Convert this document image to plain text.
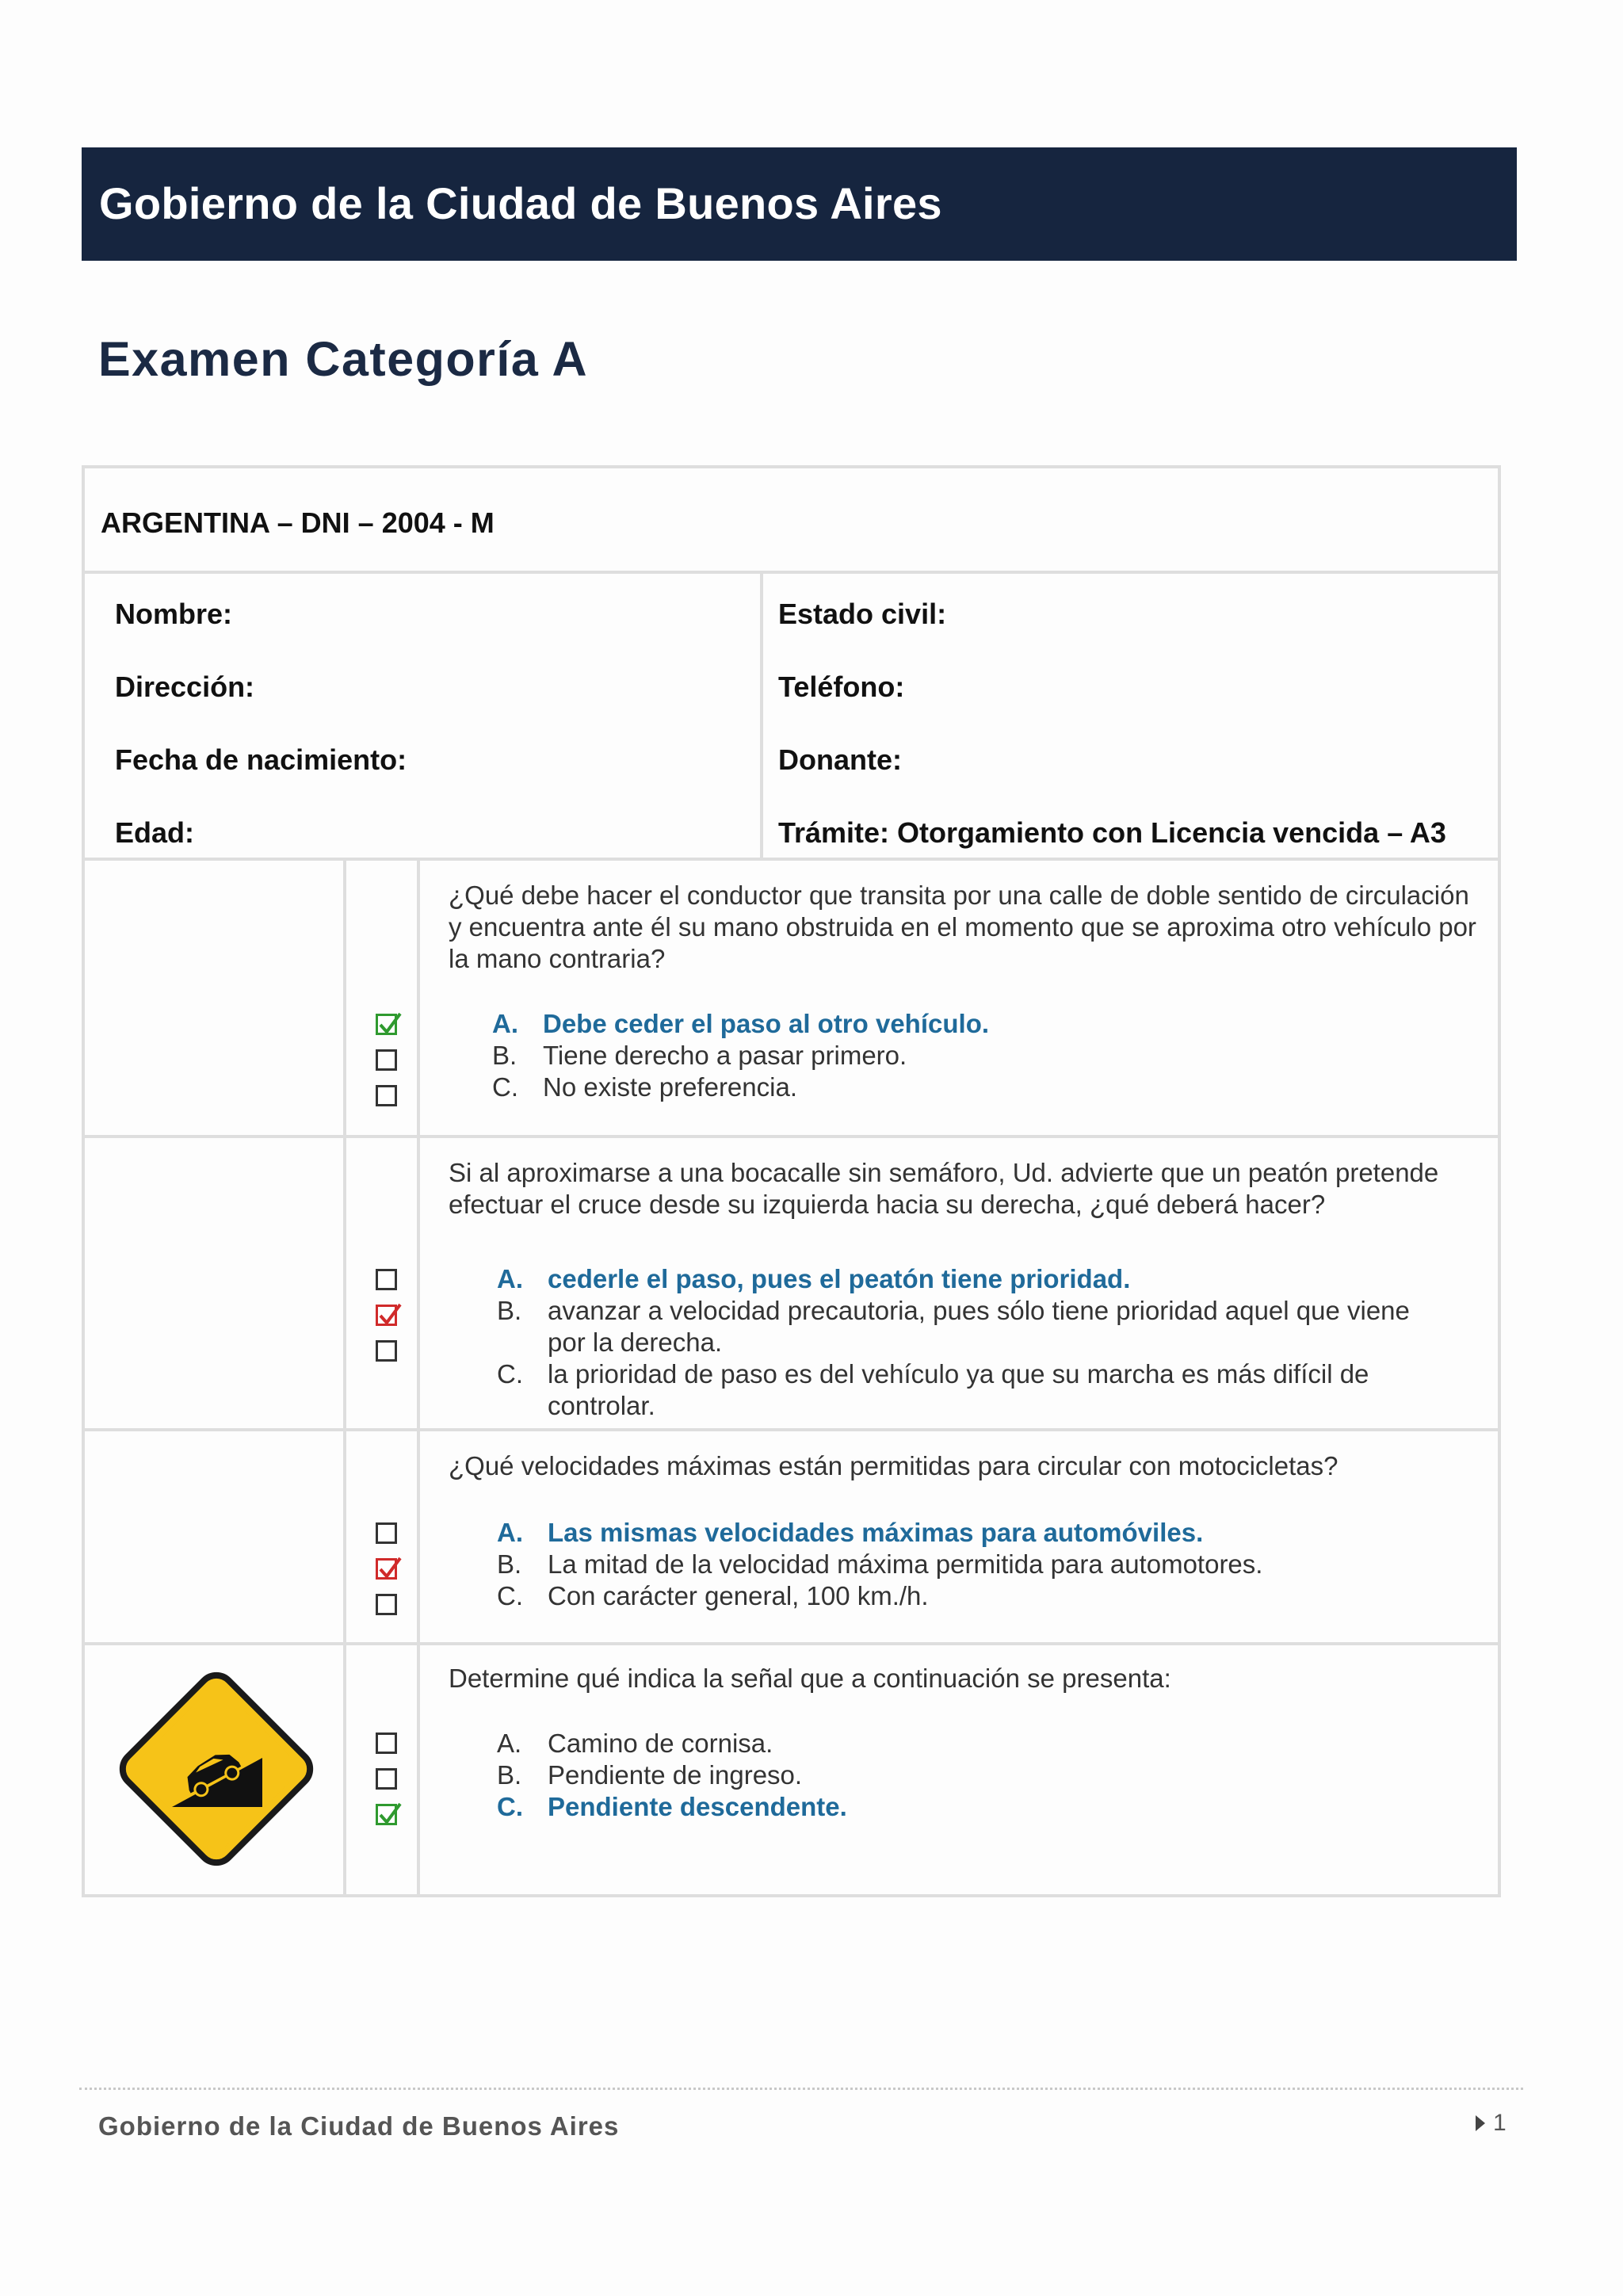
Gobierno de la Ciudad de Buenos Aires
Examen Categoría A
ARGENTINA – DNI – 2004 - M
Nombre:
Dirección:
Fecha de nacimiento:
Edad:
Estado civil:
Teléfono:
Donante:
Trámite: Otorgamiento con Licencia vencida – A3
¿Qué debe hacer el conductor que transita por una calle de doble sentido de circulación y encuentra ante él su mano obstruida en el momento que se aproxima otro vehículo por la mano contraria?
A. Debe ceder el paso al otro vehículo.
B. Tiene derecho a pasar primero.
C. No existe preferencia.
Si al aproximarse a una bocacalle sin semáforo, Ud. advierte que un peatón pretende efectuar el cruce desde su izquierda hacia su derecha, ¿qué deberá hacer?
A. cederle el paso, pues el peatón tiene prioridad.
B. avanzar a velocidad precautoria, pues sólo tiene prioridad aquel que viene por la derecha.
C. la prioridad de paso es del vehículo ya que su marcha es más difícil de controlar.
¿Qué velocidades máximas están permitidas para circular con motocicletas?
A. Las mismas velocidades máximas para automóviles.
B. La mitad de la velocidad máxima permitida para automotores.
C. Con carácter general, 100 km./h.
Determine qué indica la señal que a continuación se presenta:
A. Camino de cornisa.
B. Pendiente de ingreso.
C. Pendiente descendente.
Gobierno de la Ciudad de Buenos Aires	1
